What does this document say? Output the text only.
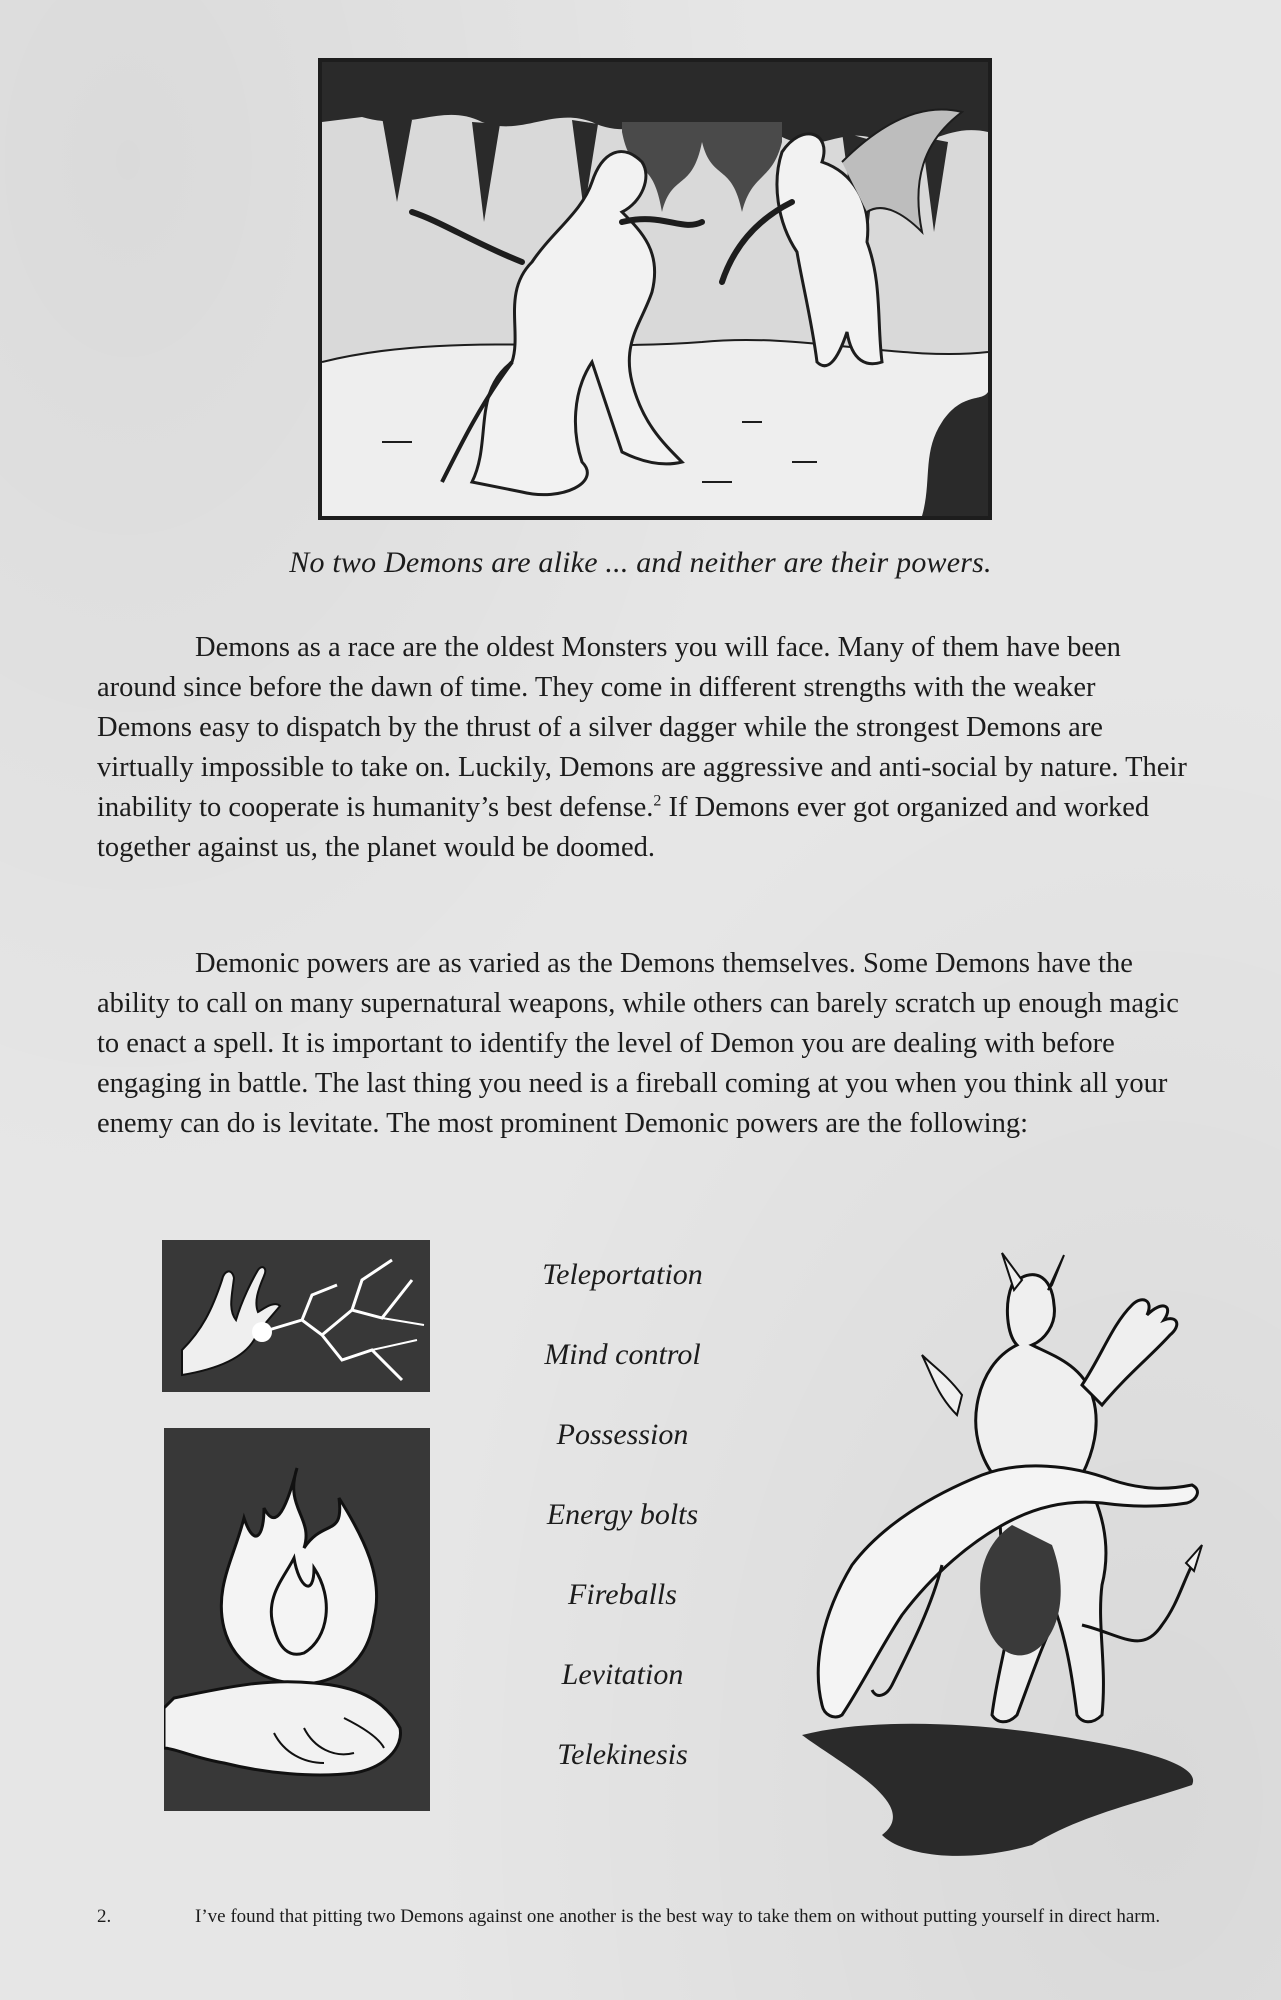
No two Demons are alike ... and neither are their powers.

Demons as a race are the oldest Monsters you will face. Many of them have been around since before the dawn of time. They come in different strengths with the weaker Demons easy to dispatch by the thrust of a silver dagger while the strongest Demons are virtually impossible to take on. Luckily, Demons are aggressive and anti-social by nature. Their inability to cooperate is humanity’s best defense.$^2$ If Demons ever got organized and worked together against us, the planet would be doomed.

Demonic powers are as varied as the Demons themselves. Some Demons have the ability to call on many supernatural weapons, while others can barely scratch up enough magic to enact a spell. It is important to identify the level of Demon you are dealing with before engaging in battle. The last thing you need is a fireball coming at you when you think all your enemy can do is levitate. The most prominent Demonic powers are the following:

Teleportation
Mind control
Possession
Energy bolts
Fireballs
Levitation
Telekinesis
2.	I’ve found that pitting two Demons against one another is the best way to take them on without putting yourself in direct harm.
